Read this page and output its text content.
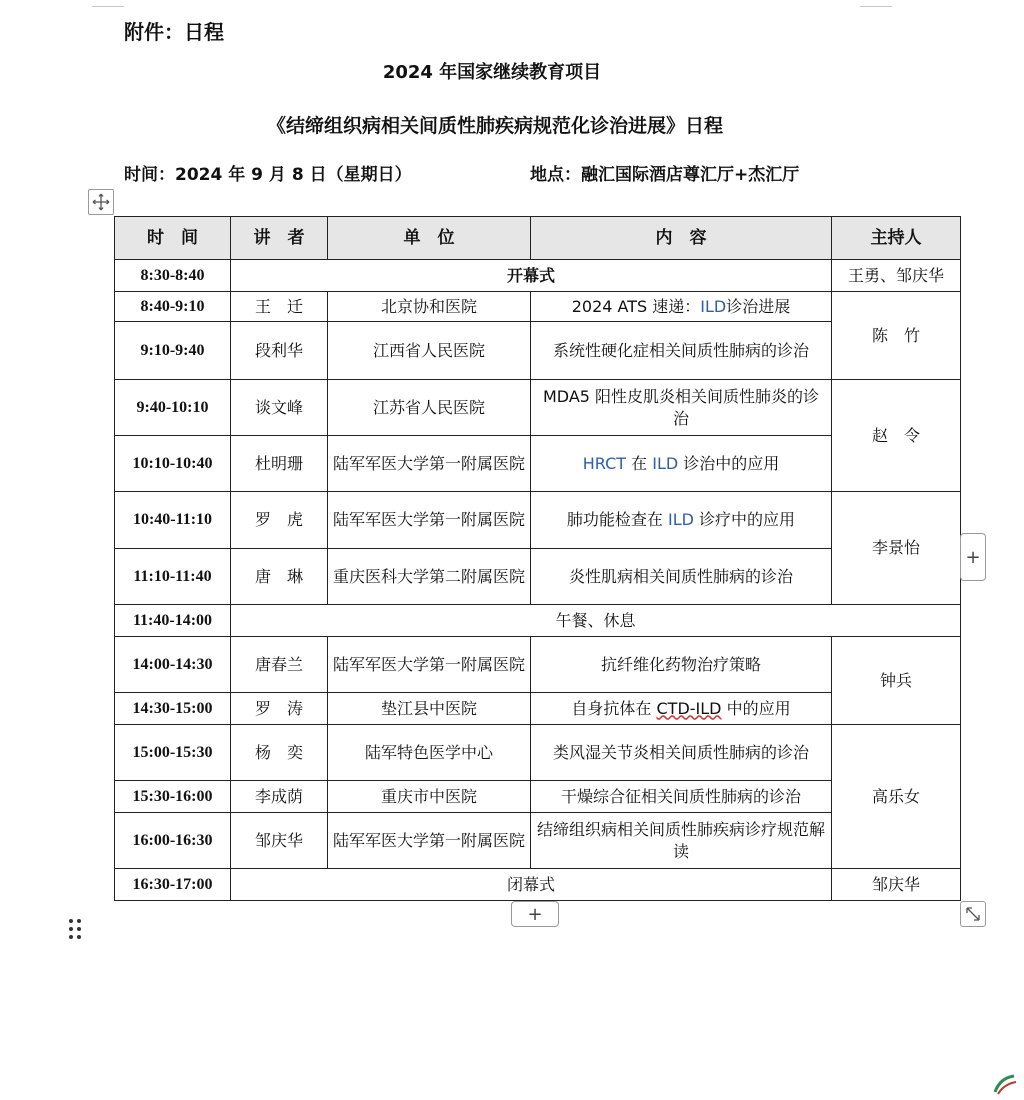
附件：日程
2024 年国家继续教育项目
《结缔组织病相关间质性肺疾病规范化诊治进展》日程
时间：2024 年 9 月 8 日（星期日）	地点：融汇国际酒店尊汇厅+杰汇厅
时　间	讲　者	单　位	内　容	主持人
8:30-8:40	开幕式			王勇、邹庆华
8:40-9:10	王　迁	北京协和医院	2024 ATS 速递：ILD诊治进展	陈　竹
9:10-9:40	段利华	江西省人民医院	系统性硬化症相关间质性肺病的诊治	
9:40-10:10	谈文峰	江苏省人民医院	MDA5 阳性皮肌炎相关间质性肺炎的诊治	赵　令
10:10-10:40	杜明珊	陆军军医大学第一附属医院	HRCT 在 ILD 诊治中的应用	
10:40-11:10	罗　虎	陆军军医大学第一附属医院	肺功能检查在 ILD 诊疗中的应用	李景怡
11:10-11:40	唐　琳	重庆医科大学第二附属医院	炎性肌病相关间质性肺病的诊治	
11:40-14:00	午餐、休息			
14:00-14:30	唐春兰	陆军军医大学第一附属医院	抗纤维化药物治疗策略	钟兵
14:30-15:00	罗　涛	垫江县中医院	自身抗体在 CTD-ILD 中的应用	
15:00-15:30	杨　奕	陆军特色医学中心	类风湿关节炎相关间质性肺病的诊治	高乐女
15:30-16:00	李成荫	重庆市中医院	干燥综合征相关间质性肺病的诊治	
16:00-16:30	邹庆华	陆军军医大学第一附属医院	结缔组织病相关间质性肺疾病诊疗规范解读	
16:30-17:00	闭幕式			邹庆华
+
+
